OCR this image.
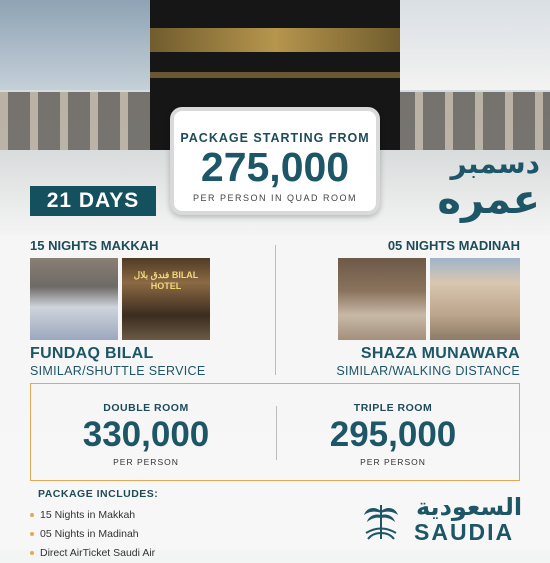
PACKAGE STARTING FROM
275,000
PER PERSON IN QUAD ROOM
21 DAYS
دسمبر
عمره
15 NIGHTS MAKKAH	05 NIGHTS MADINAH
فندق بلال BILAL HOTEL
FUNDAQ BILAL
SIMILAR/SHUTTLE SERVICE
SHAZA MUNAWARA
SIMILAR/WALKING DISTANCE
DOUBLE ROOM
330,000
PER PERSON
TRIPLE ROOM
295,000
PER PERSON
PACKAGE INCLUDES:
15 Nights in Makkah
05 Nights in Madinah
Direct AirTicket Saudi Air
السعودية
SAUDIA
